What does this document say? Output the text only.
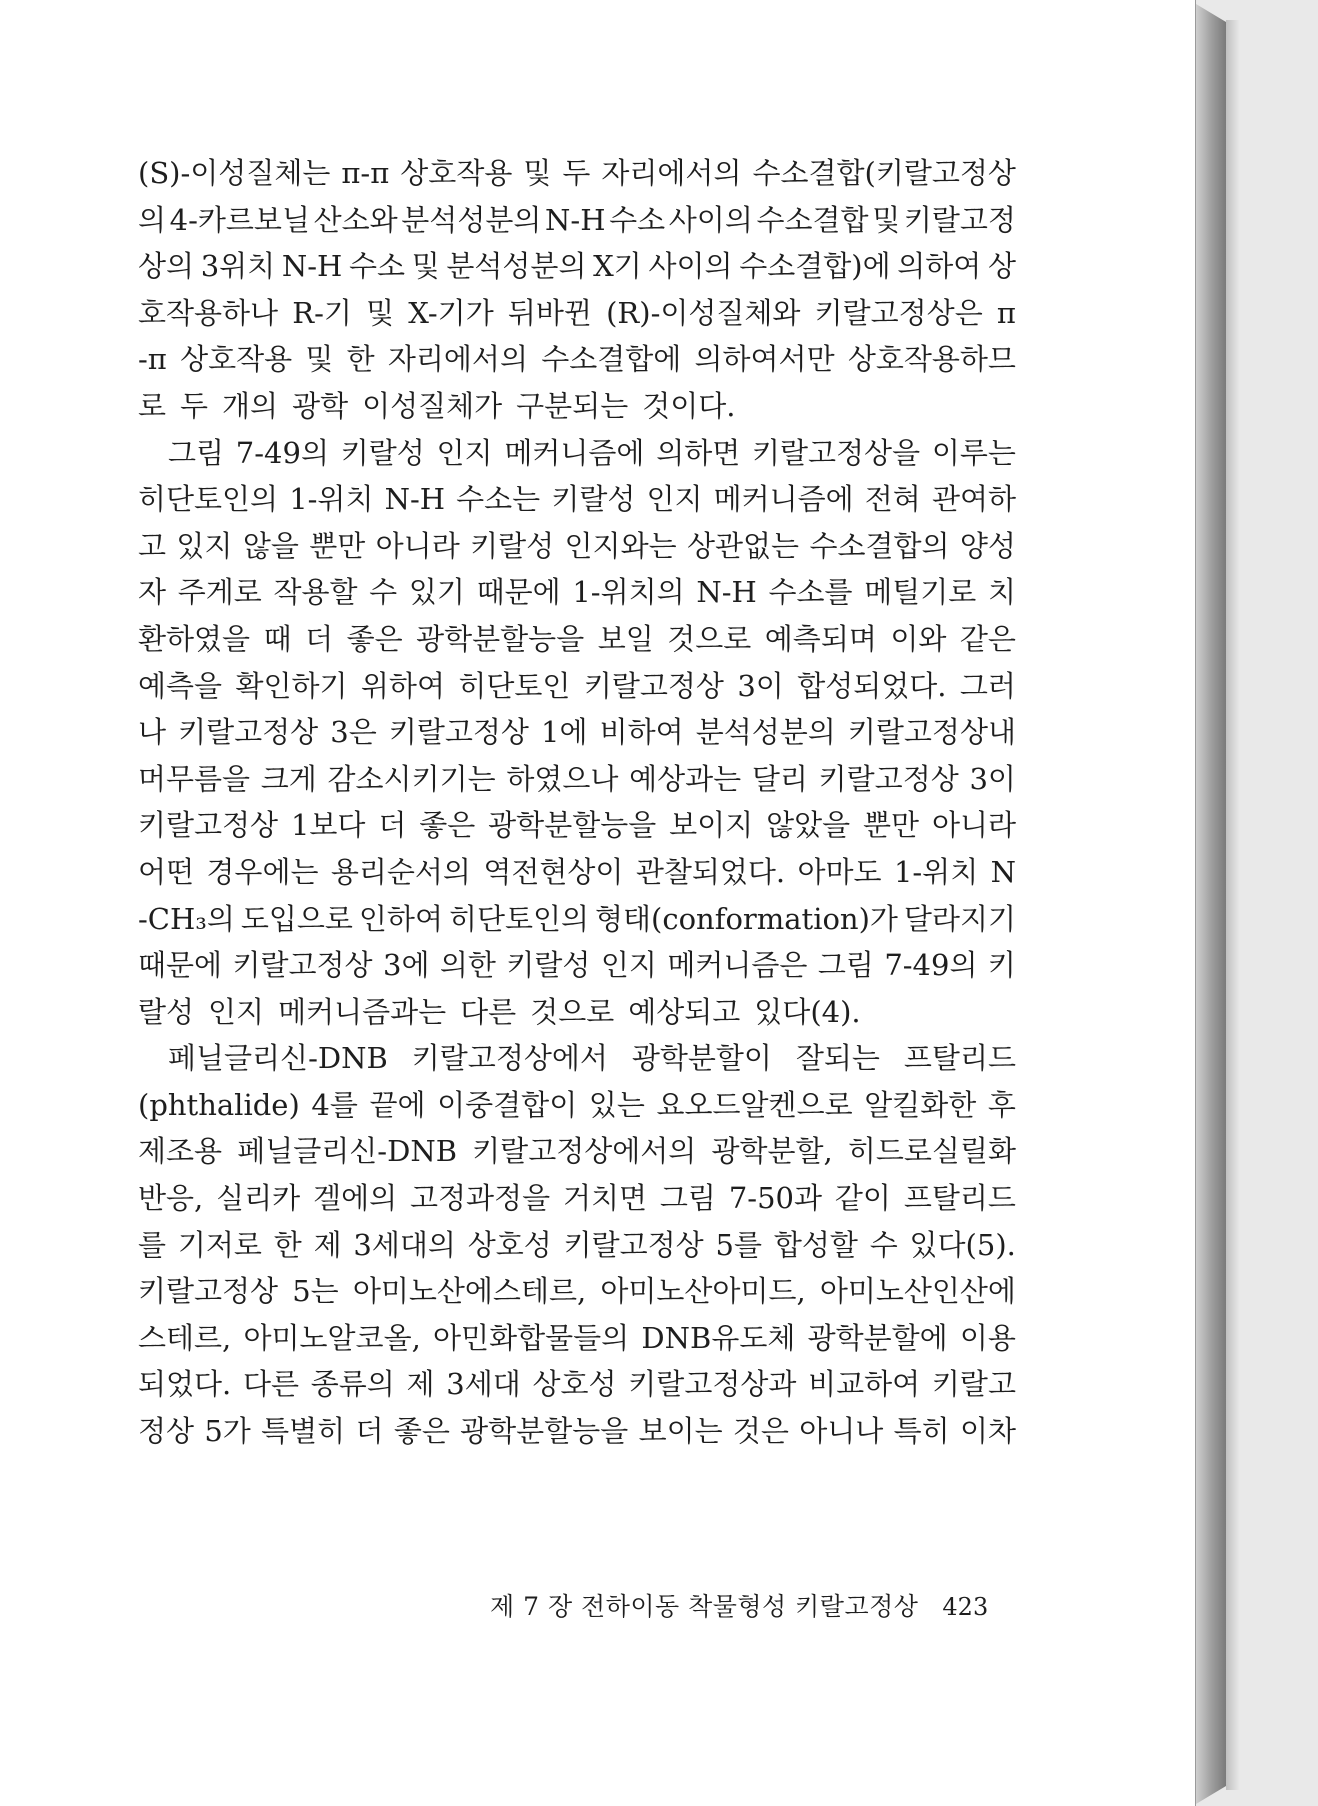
(S)-이성질체는 π-π 상호작용 및 두 자리에서의 수소결합(키랄고정상
의 4-카르보닐 산소와 분석성분의 N-H 수소 사이의 수소결합 및 키랄고정
상의 3위치 N-H 수소 및 분석성분의 X기 사이의 수소결합)에 의하여 상
호작용하나 R-기 및 X-기가 뒤바뀐 (R)-이성질체와 키랄고정상은 π
-π 상호작용 및 한 자리에서의 수소결합에 의하여서만 상호작용하므
로 두 개의 광학 이성질체가 구분되는 것이다.
그림 7-49의 키랄성 인지 메커니즘에 의하면 키랄고정상을 이루는
히단토인의 1-위치 N-H 수소는 키랄성 인지 메커니즘에 전혀 관여하
고 있지 않을 뿐만 아니라 키랄성 인지와는 상관없는 수소결합의 양성
자 주게로 작용할 수 있기 때문에 1-위치의 N-H 수소를 메틸기로 치
환하였을 때 더 좋은 광학분할능을 보일 것으로 예측되며 이와 같은
예측을 확인하기 위하여 히단토인 키랄고정상 3이 합성되었다. 그러
나 키랄고정상 3은 키랄고정상 1에 비하여 분석성분의 키랄고정상내
머무름을 크게 감소시키기는 하였으나 예상과는 달리 키랄고정상 3이
키랄고정상 1보다 더 좋은 광학분할능을 보이지 않았을 뿐만 아니라
어떤 경우에는 용리순서의 역전현상이 관찰되었다. 아마도 1-위치 N
-CH₃의 도입으로 인하여 히단토인의 형태(conformation)가 달라지기
때문에 키랄고정상 3에 의한 키랄성 인지 메커니즘은 그림 7-49의 키
랄성 인지 메커니즘과는 다른 것으로 예상되고 있다(4).
페닐글리신-DNB 키랄고정상에서 광학분할이 잘되는 프탈리드
(phthalide) 4를 끝에 이중결합이 있는 요오드알켄으로 알킬화한 후
제조용 페닐글리신-DNB 키랄고정상에서의 광학분할, 히드로실릴화
반응, 실리카 겔에의 고정과정을 거치면 그림 7-50과 같이 프탈리드
를 기저로 한 제 3세대의 상호성 키랄고정상 5를 합성할 수 있다(5).
키랄고정상 5는 아미노산에스테르, 아미노산아미드, 아미노산인산에
스테르, 아미노알코올, 아민화합물들의 DNB유도체 광학분할에 이용
되었다. 다른 종류의 제 3세대 상호성 키랄고정상과 비교하여 키랄고
정상 5가 특별히 더 좋은 광학분할능을 보이는 것은 아니나 특히 이차
제 7 장 전하이동 착물형성 키랄고정상 423
